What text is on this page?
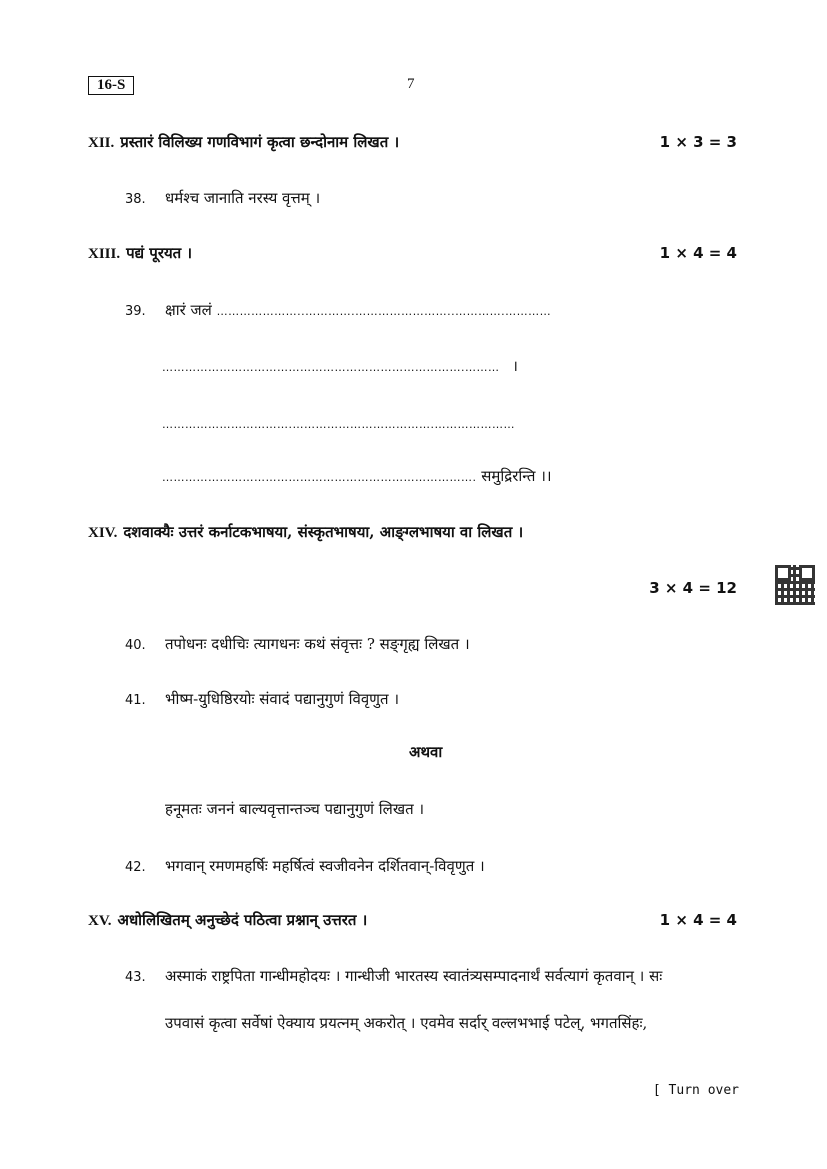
16-S	7
XII. प्रस्तारं विलिख्य गणविभागं कृत्वा छन्दोनाम लिखत ।	1 × 3 = 3
38. धर्मश्च जानाति नरस्य वृत्तम् ।
XIII. पद्यं पूरयत ।	1 × 4 = 4
39. क्षारं जलं …………………..………….……………………..………….…………
…………………………………………………………………….……… ।
…………………………….……………………………….…………………
………………………………………………………………………. समुद्रिरन्ति ।।
XIV. दशवाक्यैः उत्तरं कर्नाटकभाषया, संस्कृतभाषया, आङ्ग्लभाषया वा लिखत ।
3 × 4 = 12
40. तपोधनः दधीचिः त्यागधनः कथं संवृत्तः ? सङ्गृह्य लिखत ।
41. भीष्म-युधिष्ठिरयोः संवादं पद्यानुगुणं विवृणुत ।
अथवा
हनूमतः जननं बाल्यवृत्तान्तञ्च पद्यानुगुणं लिखत ।
42. भगवान् रमणमहर्षिः महर्षित्वं स्वजीवनेन दर्शितवान्-विवृणुत ।
XV. अधोलिखितम् अनुच्छेदं पठित्वा प्रश्नान् उत्तरत ।	1 × 4 = 4
43. अस्माकं राष्ट्रपिता गान्धीमहोदयः । गान्धीजी भारतस्य स्वातंत्र्यसम्पादनार्थं सर्वत्यागं कृतवान् । सः
उपवासं कृत्वा सर्वेषां ऐक्याय प्रयत्नम् अकरोत् । एवमेव सर्दार् वल्लभभाई पटेल्, भगतसिंहः,
[ Turn over
